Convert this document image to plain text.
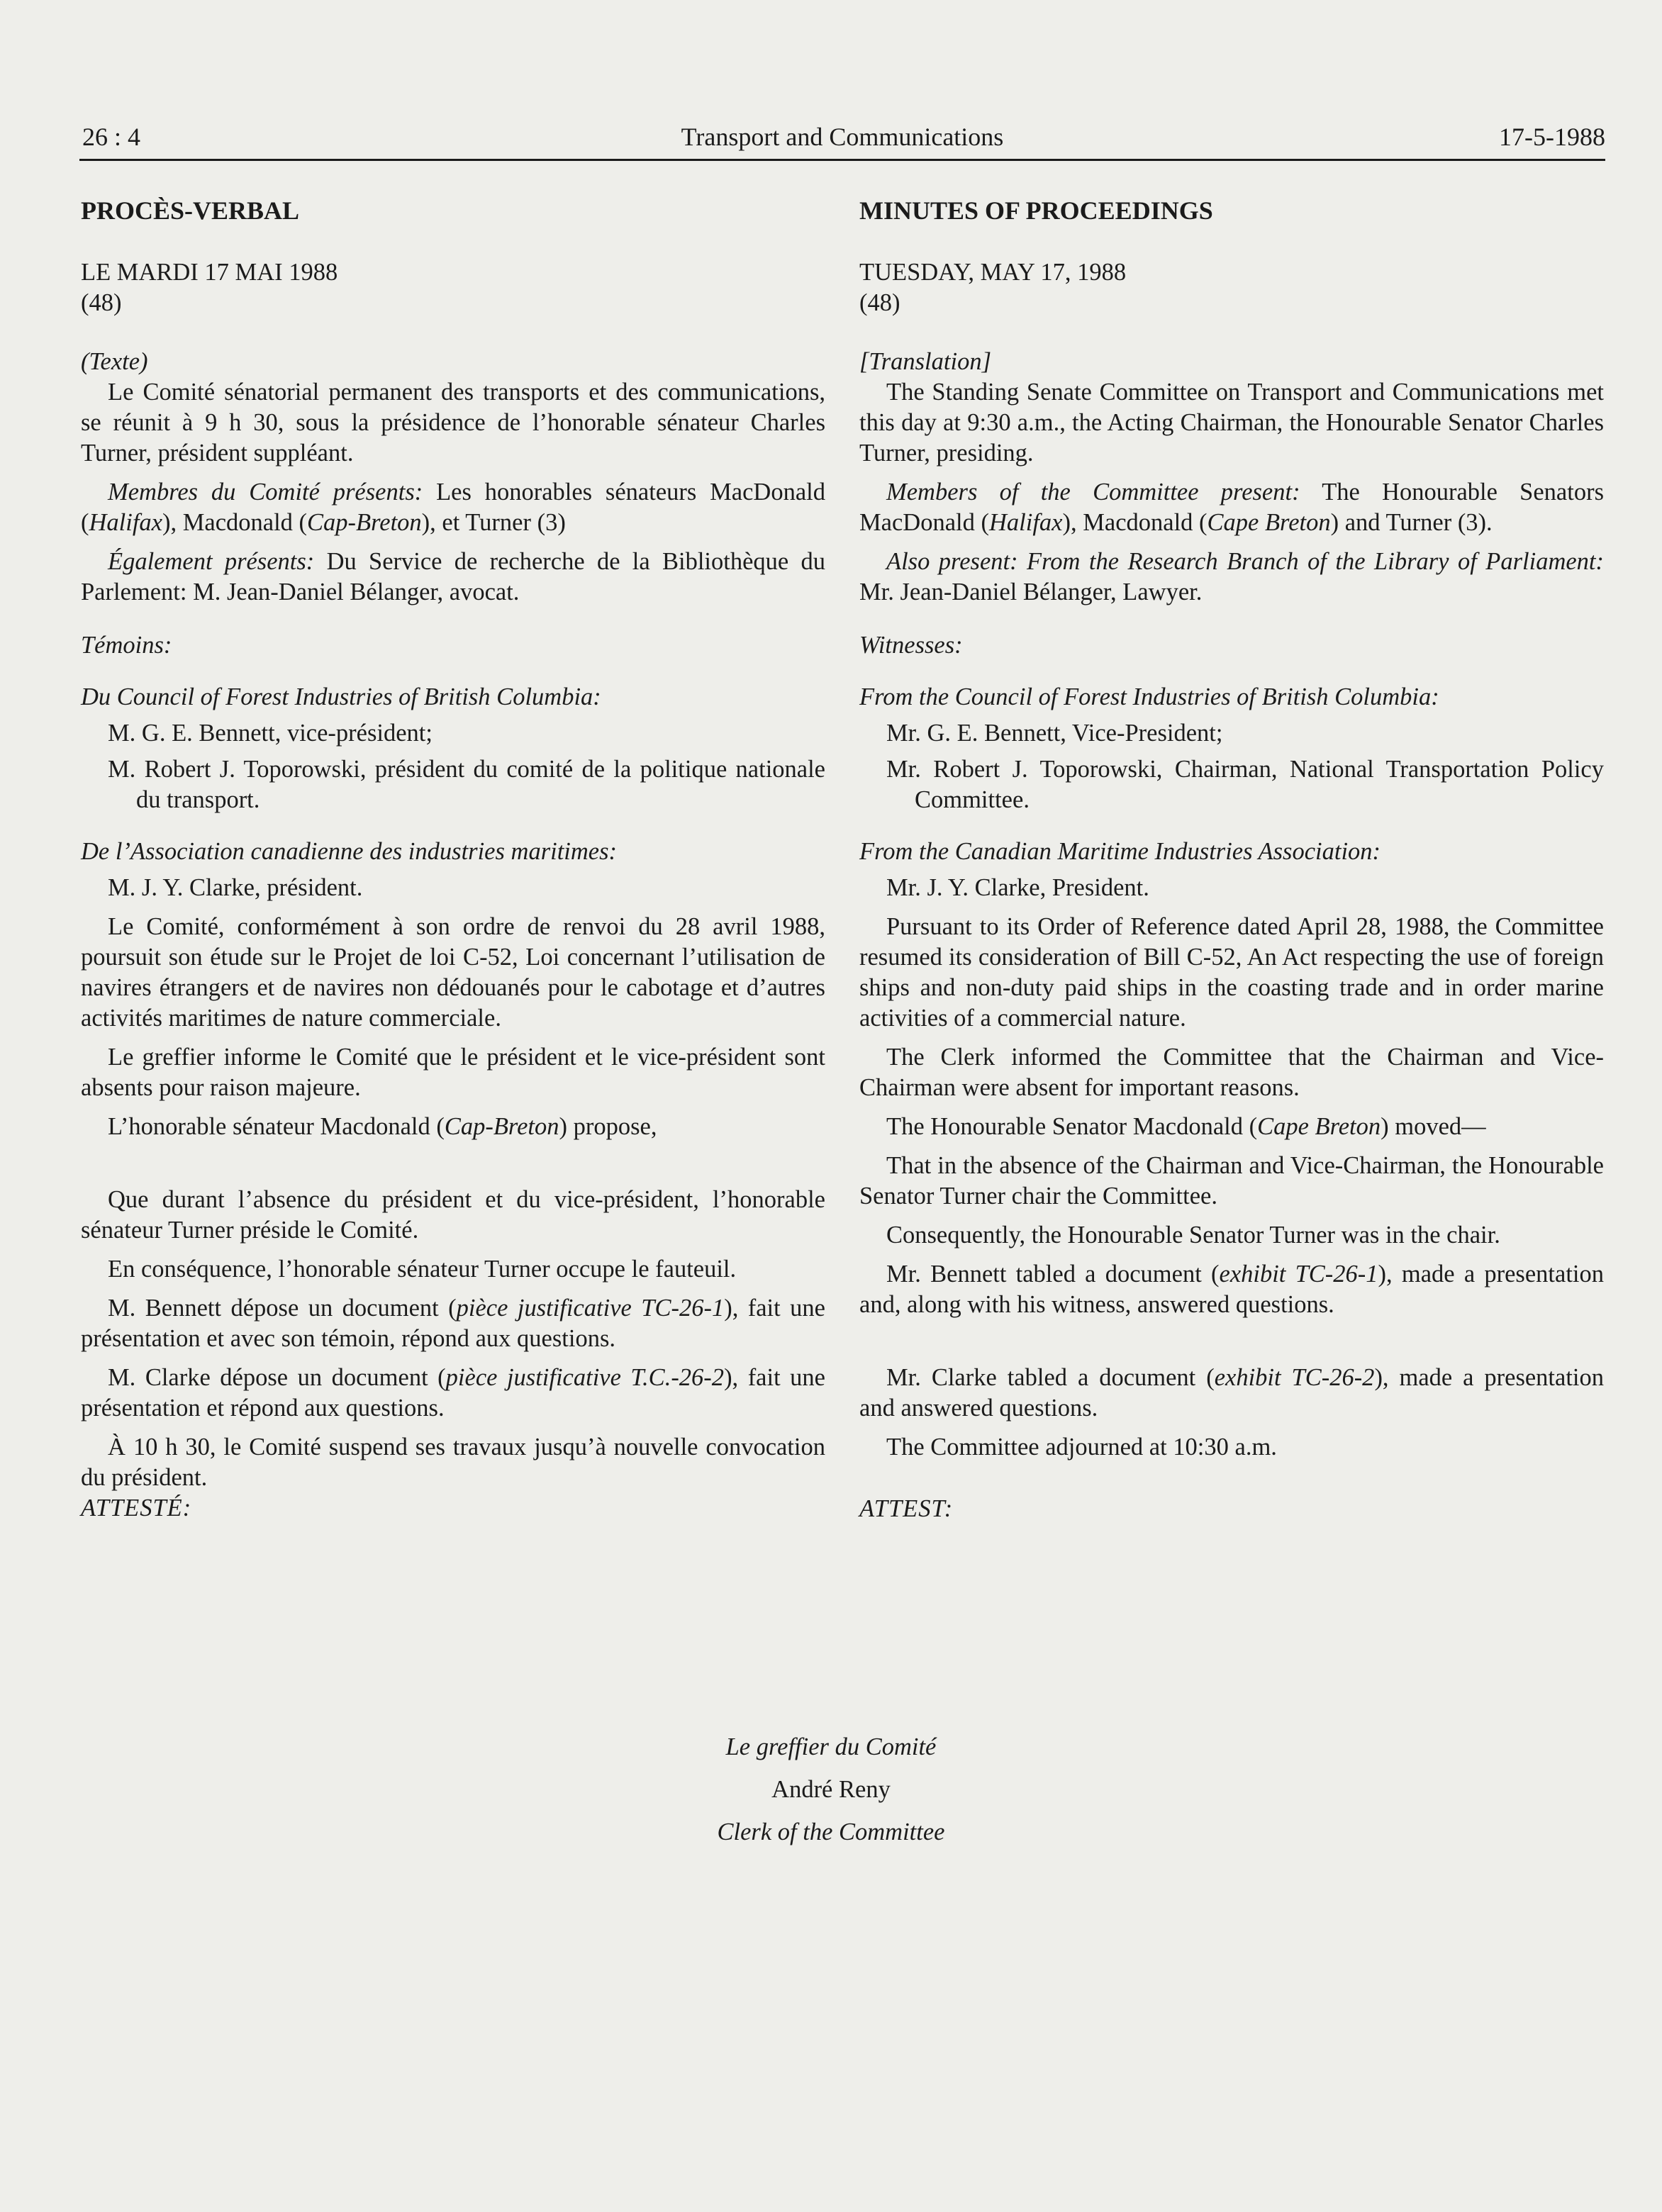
26 : 4	Transport and Communications	17-5-1988

PROCÈS-VERBAL

LE MARDI 17 MAI 1988

(48)

(Texte)

Le Comité sénatorial permanent des transports et des communications, se réunit à 9 h 30, sous la présidence de l’honorable sénateur Charles Turner, président suppléant.

Membres du Comité présents: Les honorables sénateurs MacDonald (Halifax), Macdonald (Cap-Breton), et Turner (3)

Également présents: Du Service de recherche de la Bibliothèque du Parlement: M. Jean-Daniel Bélanger, avocat.

Témoins:

Du Council of Forest Industries of British Columbia:

M. G. E. Bennett, vice-président;

M. Robert J. Toporowski, président du comité de la politique nationale du transport.

De l’Association canadienne des industries maritimes:

M. J. Y. Clarke, président.

Le Comité, conformément à son ordre de renvoi du 28 avril 1988, poursuit son étude sur le Projet de loi C-52, Loi concernant l’utilisation de navires étrangers et de navires non dédouanés pour le cabotage et d’autres activités maritimes de nature commerciale.

Le greffier informe le Comité que le président et le vice-président sont absents pour raison majeure.

L’honorable sénateur Macdonald (Cap-Breton) propose,

Que durant l’absence du président et du vice-président, l’honorable sénateur Turner préside le Comité.

En conséquence, l’honorable sénateur Turner occupe le fauteuil.

M. Bennett dépose un document (pièce justificative TC-26-1), fait une présentation et avec son témoin, répond aux questions.

M. Clarke dépose un document (pièce justificative T.C.-26-2), fait une présentation et répond aux questions.

À 10 h 30, le Comité suspend ses travaux jusqu’à nouvelle convocation du président.

ATTESTÉ:

MINUTES OF PROCEEDINGS

TUESDAY, MAY 17, 1988

(48)

[Translation]

The Standing Senate Committee on Transport and Communications met this day at 9:30 a.m., the Acting Chairman, the Honourable Senator Charles Turner, presiding.

Members of the Committee present: The Honourable Senators MacDonald (Halifax), Macdonald (Cape Breton) and Turner (3).

Also present: From the Research Branch of the Library of Parliament: Mr. Jean-Daniel Bélanger, Lawyer.

Witnesses:

From the Council of Forest Industries of British Columbia:

Mr. G. E. Bennett, Vice-President;

Mr. Robert J. Toporowski, Chairman, National Transportation Policy Committee.

From the Canadian Maritime Industries Association:

Mr. J. Y. Clarke, President.

Pursuant to its Order of Reference dated April 28, 1988, the Committee resumed its consideration of Bill C-52, An Act respecting the use of foreign ships and non-duty paid ships in the coasting trade and in order marine activities of a commercial nature.

The Clerk informed the Committee that the Chairman and Vice-Chairman were absent for important reasons.

The Honourable Senator Macdonald (Cape Breton) moved—

That in the absence of the Chairman and Vice-Chairman, the Honourable Senator Turner chair the Committee.

Consequently, the Honourable Senator Turner was in the chair.

Mr. Bennett tabled a document (exhibit TC-26-1), made a presentation and, along with his witness, answered questions.

Mr. Clarke tabled a document (exhibit TC-26-2), made a presentation and answered questions.

The Committee adjourned at 10:30 a.m.

ATTEST:

Le greffier du Comité
André Reny
Clerk of the Committee
